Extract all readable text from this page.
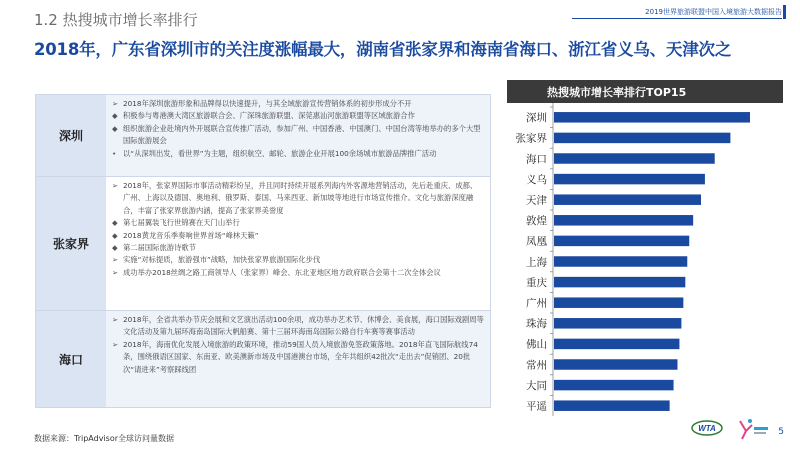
1.2 热搜城市增长率排行	2019世界旅游联盟中国入境旅游大数据报告
2018年，广东省深圳市的关注度涨幅最大，湖南省张家界和海南省海口、浙江省义乌、天津次之
深圳
➢ 2018年深圳旅游形象和品牌得以快速提升，与其全域旅游宣传营销体系的初步形成分不开
◆ 积极参与粤港澳大湾区旅游联合会、广深珠旅游联盟、深莞惠汕河旅游联盟等区域旅游合作
◆ 组织旅游企业赴境内外开展联合宣传推广活动，参加广州、中国香港、中国澳门、中国台湾等地举办的多个大型国际旅游展会
• 以“从深圳出发，看世界”为主题，组织航空、邮轮、旅游企业开展100余场城市旅游品牌推广活动
张家界
➢ 2018年，张家界国际市事活动精彩纷呈，并且同时持续开展系列海内外客源地营销活动，先后赴重庆、成都、广州、上海以及德国、奥地利、俄罗斯、泰国、马来西亚、新加坡等地进行市场宣传推介。文化与旅游深度融合，丰富了张家界旅游内涵，提高了张家界美誉度
◆ 第七届翼装飞行世锦赛在天门山举行
◆ 2018黄龙音乐季奏响世界首场“峰林天籁”
◆ 第二届国际旅游诗歌节
➢ 实施“对标提质，旅游强市”战略，加快张家界旅游国际化步伐
➢ 成功举办2018丝绸之路工商领导人（张家界）峰会、东北亚地区地方政府联合会第十二次全体会议
海口
➢ 2018年，全省共举办节庆会展和文艺演出活动100余项，成功举办艺术节、休博会、美食展，海口国际戏剧周等文化活动及第九届环海南岛国际大帆船赛、第十三届环海南岛国际公路自行车赛等赛事活动
➢ 2018年，海南优化发展入境旅游的政策环境，推动59国人员入境旅游免签政策落地。2018年直飞国际航线74条，围绕俄语区国家、东南亚、欧美澳新市场及中国港澳台市场，全年共组织42批次“走出去”促销团、20批次“请进来”考察踩线团
热搜城市增长率排行TOP15
深圳
张家界
海口
义乌
天津
敦煌
凤凰
上海
重庆
广州
珠海
佛山
常州
大同
平遥
数据来源：TripAdvisor全球访问量数据
WTA	5
